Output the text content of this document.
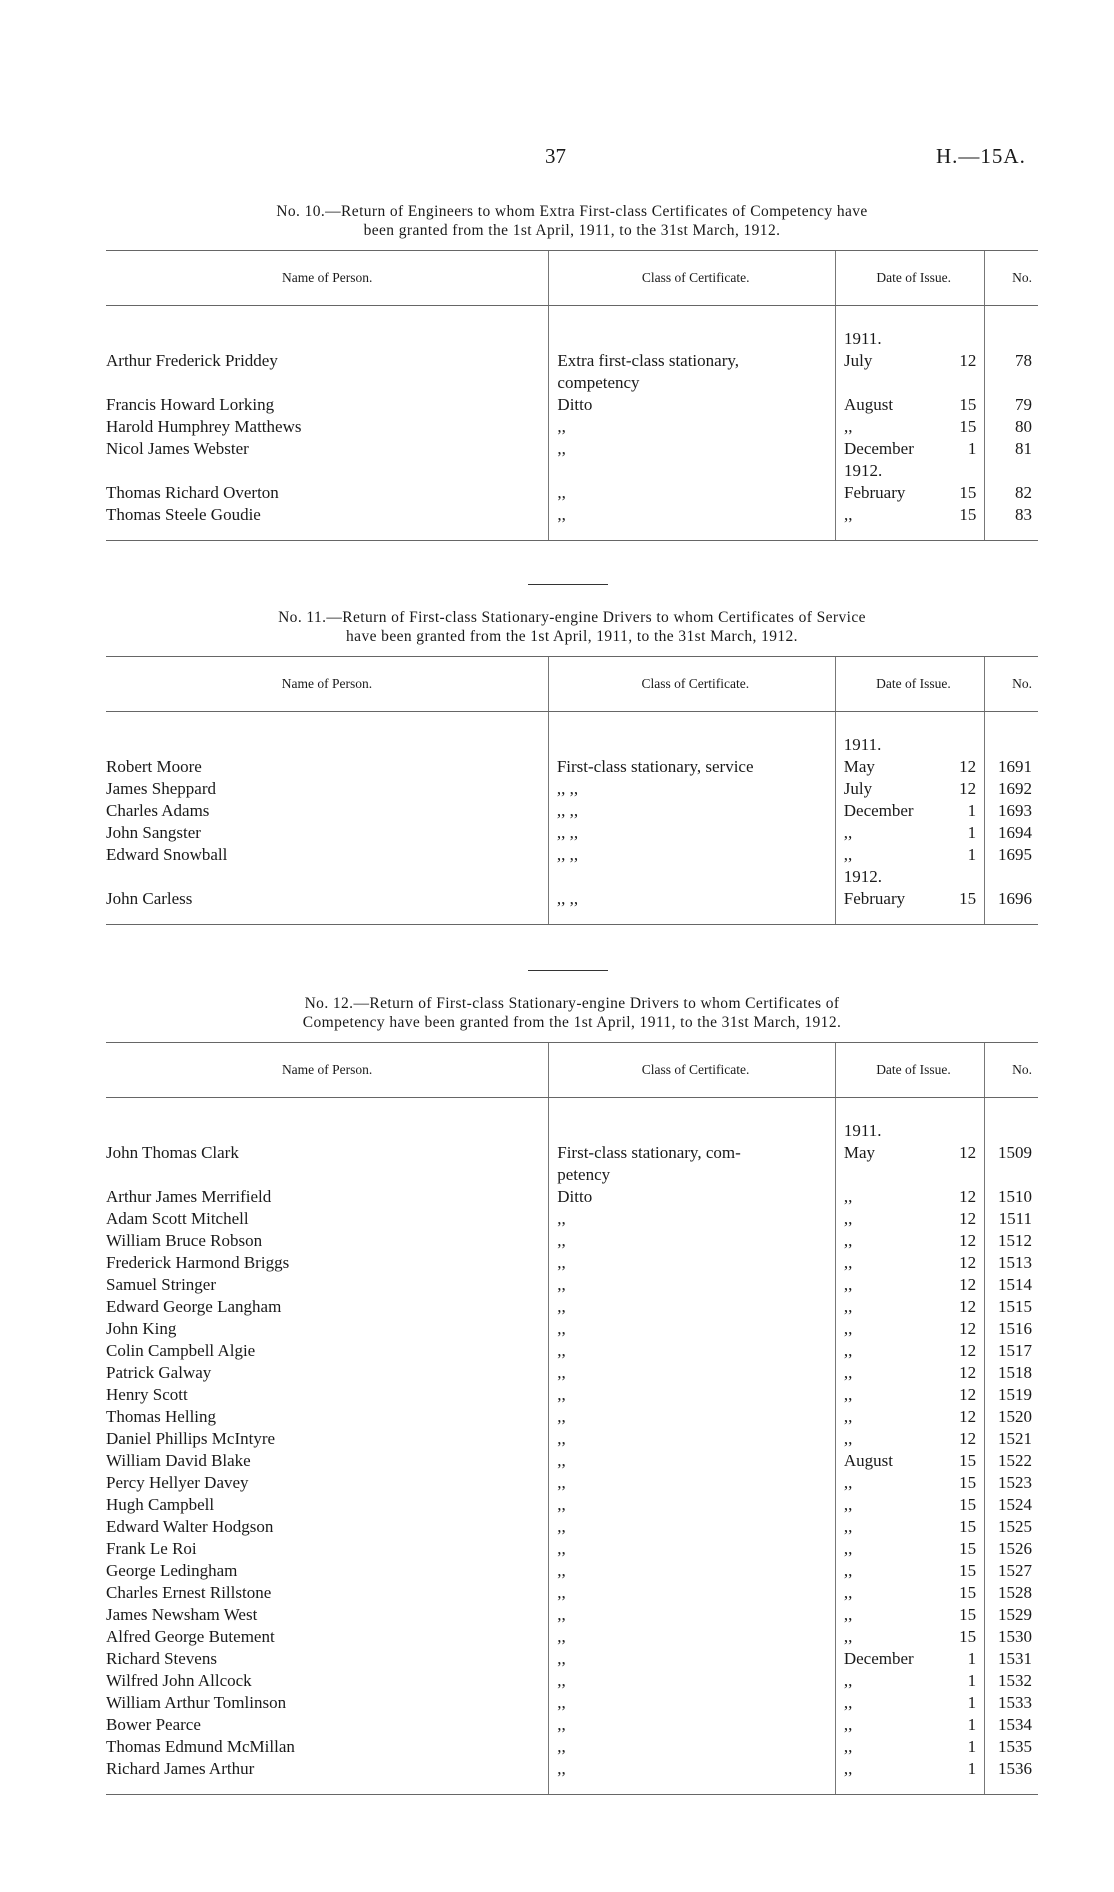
37	H.—15A.
No. 10.—Return of Engineers to whom Extra First-class Certificates of Competency have
been granted from the 1st April, 1911, to the 31st March, 1912.
Name of Person.	Class of Certificate.	Date of Issue.		No.

		1911.		
Arthur Frederick Priddey	Extra first-class stationary,	July	12	78
	competency			
Francis Howard Lorking	Ditto	August	15	79
Harold Humphrey Matthews	,,	,,	15	80
Nicol James Webster	,,	December	1	81
		1912.		
Thomas Richard Overton	,,	February	15	82
Thomas Steele Goudie	,,	,,	15	83
No. 11.—Return of First-class Stationary-engine Drivers to whom Certificates of Service
have been granted from the 1st April, 1911, to the 31st March, 1912.
Name of Person.	Class of Certificate.	Date of Issue.		No.

		1911.		
Robert Moore	First-class stationary, service	May	12	1691
James Sheppard	,, ,,	July	12	1692
Charles Adams	,, ,,	December	1	1693
John Sangster	,, ,,	,,	1	1694
Edward Snowball	,, ,,	,,	1	1695
		1912.		
John Carless	,, ,,	February	15	1696
No. 12.—Return of First-class Stationary-engine Drivers to whom Certificates of
Competency have been granted from the 1st April, 1911, to the 31st March, 1912.
Name of Person.	Class of Certificate.	Date of Issue.		No.

		1911.		
John Thomas Clark	First-class stationary, com-	May	12	1509
	petency			
Arthur James Merrifield	Ditto	,,	12	1510
Adam Scott Mitchell	,,	,,	12	1511
William Bruce Robson	,,	,,	12	1512
Frederick Harmond Briggs	,,	,,	12	1513
Samuel Stringer	,,	,,	12	1514
Edward George Langham	,,	,,	12	1515
John King	,,	,,	12	1516
Colin Campbell Algie	,,	,,	12	1517
Patrick Galway	,,	,,	12	1518
Henry Scott	,,	,,	12	1519
Thomas Helling	,,	,,	12	1520
Daniel Phillips McIntyre	,,	,,	12	1521
William David Blake	,,	August	15	1522
Percy Hellyer Davey	,,	,,	15	1523
Hugh Campbell	,,	,,	15	1524
Edward Walter Hodgson	,,	,,	15	1525
Frank Le Roi	,,	,,	15	1526
George Ledingham	,,	,,	15	1527
Charles Ernest Rillstone	,,	,,	15	1528
James Newsham West	,,	,,	15	1529
Alfred George Butement	,,	,,	15	1530
Richard Stevens	,,	December	1	1531
Wilfred John Allcock	,,	,,	1	1532
William Arthur Tomlinson	,,	,,	1	1533
Bower Pearce	,,	,,	1	1534
Thomas Edmund McMillan	,,	,,	1	1535
Richard James Arthur	,,	,,	1	1536
